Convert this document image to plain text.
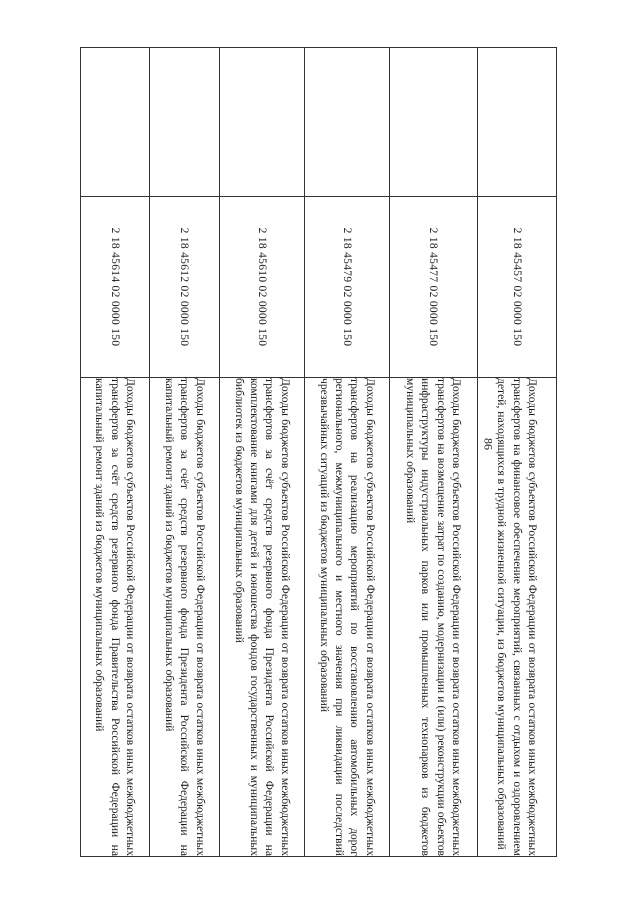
86
	2 18 45457 02 0000 150	Доходы бюджетов субъектов Российской Федерации от возврата остатков иных межбюджетных трансфертов на финансовое обеспечение мероприятий, связанных с отдыхом и оздоровлением детей, находящихся в трудной жизненной ситуации, из бюджетов муниципальных образований
	2 18 45477 02 0000 150	Доходы бюджетов субъектов Российской Федерации от возврата остатков иных межбюджетных трансфертов на возмещение затрат по созданию, модернизации и (или) реконструкции объектов инфраструктуры индустриальных парков или промышленных технопарков из бюджетов муниципальных образований
	2 18 45479 02 0000 150	Доходы бюджетов субъектов Российской Федерации от возврата остатков иных межбюджетных трансфертов на реализацию мероприятий по восстановлению автомобильных дорог регионального, межмуниципального и местного значения при ликвидации последствий чрезвычайных ситуаций из бюджетов муниципальных образований
	2 18 45610 02 0000 150	Доходы бюджетов субъектов Российской Федерации от возврата остатков иных межбюджетных трансфертов за счёт средств резервного фонда Президента Российской Федерации на комплектование книгами для детей и юношества фондов государственных и муниципальных библиотек из бюджетов муниципальных образований
	2 18 45612 02 0000 150	Доходы бюджетов субъектов Российской Федерации от возврата остатков иных межбюджетных трансфертов за счёт средств резервного фонда Президента Российской Федерации на капитальный ремонт зданий из бюджетов муниципальных образований
	2 18 45614 02 0000 150	Доходы бюджетов субъектов Российской Федерации от возврата остатков иных межбюджетных трансфертов за счёт средств резервного фонда Правительства Российской Федерации на капитальный ремонт зданий из бюджетов муниципальных образований
